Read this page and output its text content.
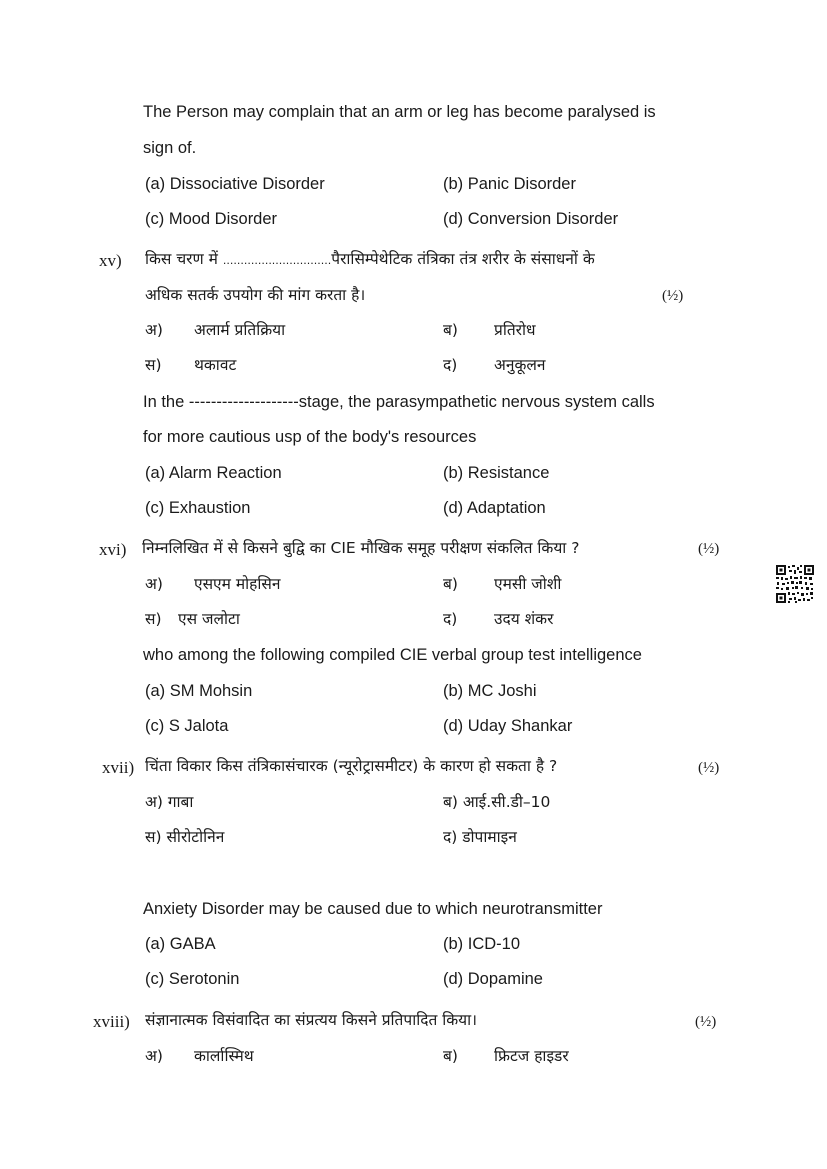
The Person may complain that an arm or leg has become paralysed is
sign of.
(a) Dissociative Disorder	(b) Panic Disorder
(c) Mood Disorder	(d) Conversion Disorder
xv) किस चरण में ...............................पैरासिम्पेथेटिक तंत्रिका तंत्र शरीर के संसाधनों के
अधिक सतर्क उपयोग की मांग करता है।	(½)
अ) अलार्म प्रतिक्रिया	ब) प्रतिरोध
स) थकावट	द) अनुकूलन
In the --------------------stage, the parasympathetic nervous system calls
for more cautious usp of the body's resources
(a) Alarm Reaction	(b) Resistance
(c) Exhaustion	(d) Adaptation
xvi) निम्नलिखित में से किसने बुद्वि का CIE मौखिक समूह परीक्षण संकलित किया ?	(½)
अ) एसएम मोहसिन	ब) एमसी जोशी
स) एस जलोटा	द) उदय शंकर
who among the following compiled CIE verbal group test intelligence
(a) SM Mohsin	(b) MC Joshi
(c) S Jalota	(d) Uday Shankar
xvii) चिंता विकार किस तंत्रिकासंचारक (न्यूरोट्रासमीटर) के कारण हो सकता है ?	(½)
अ) गाबा	ब) आई.सी.डी–10
स) सीरोटोनिन	द) डोपामाइन
Anxiety Disorder may be caused due to which neurotransmitter
(a) GABA	(b) ICD-10
(c) Serotonin	(d) Dopamine
xviii) संज्ञानात्मक विसंवादित का संप्रत्यय किसने प्रतिपादित किया।	(½)
अ) कार्लास्मिथ	ब) फ्रिटज हाइडर
